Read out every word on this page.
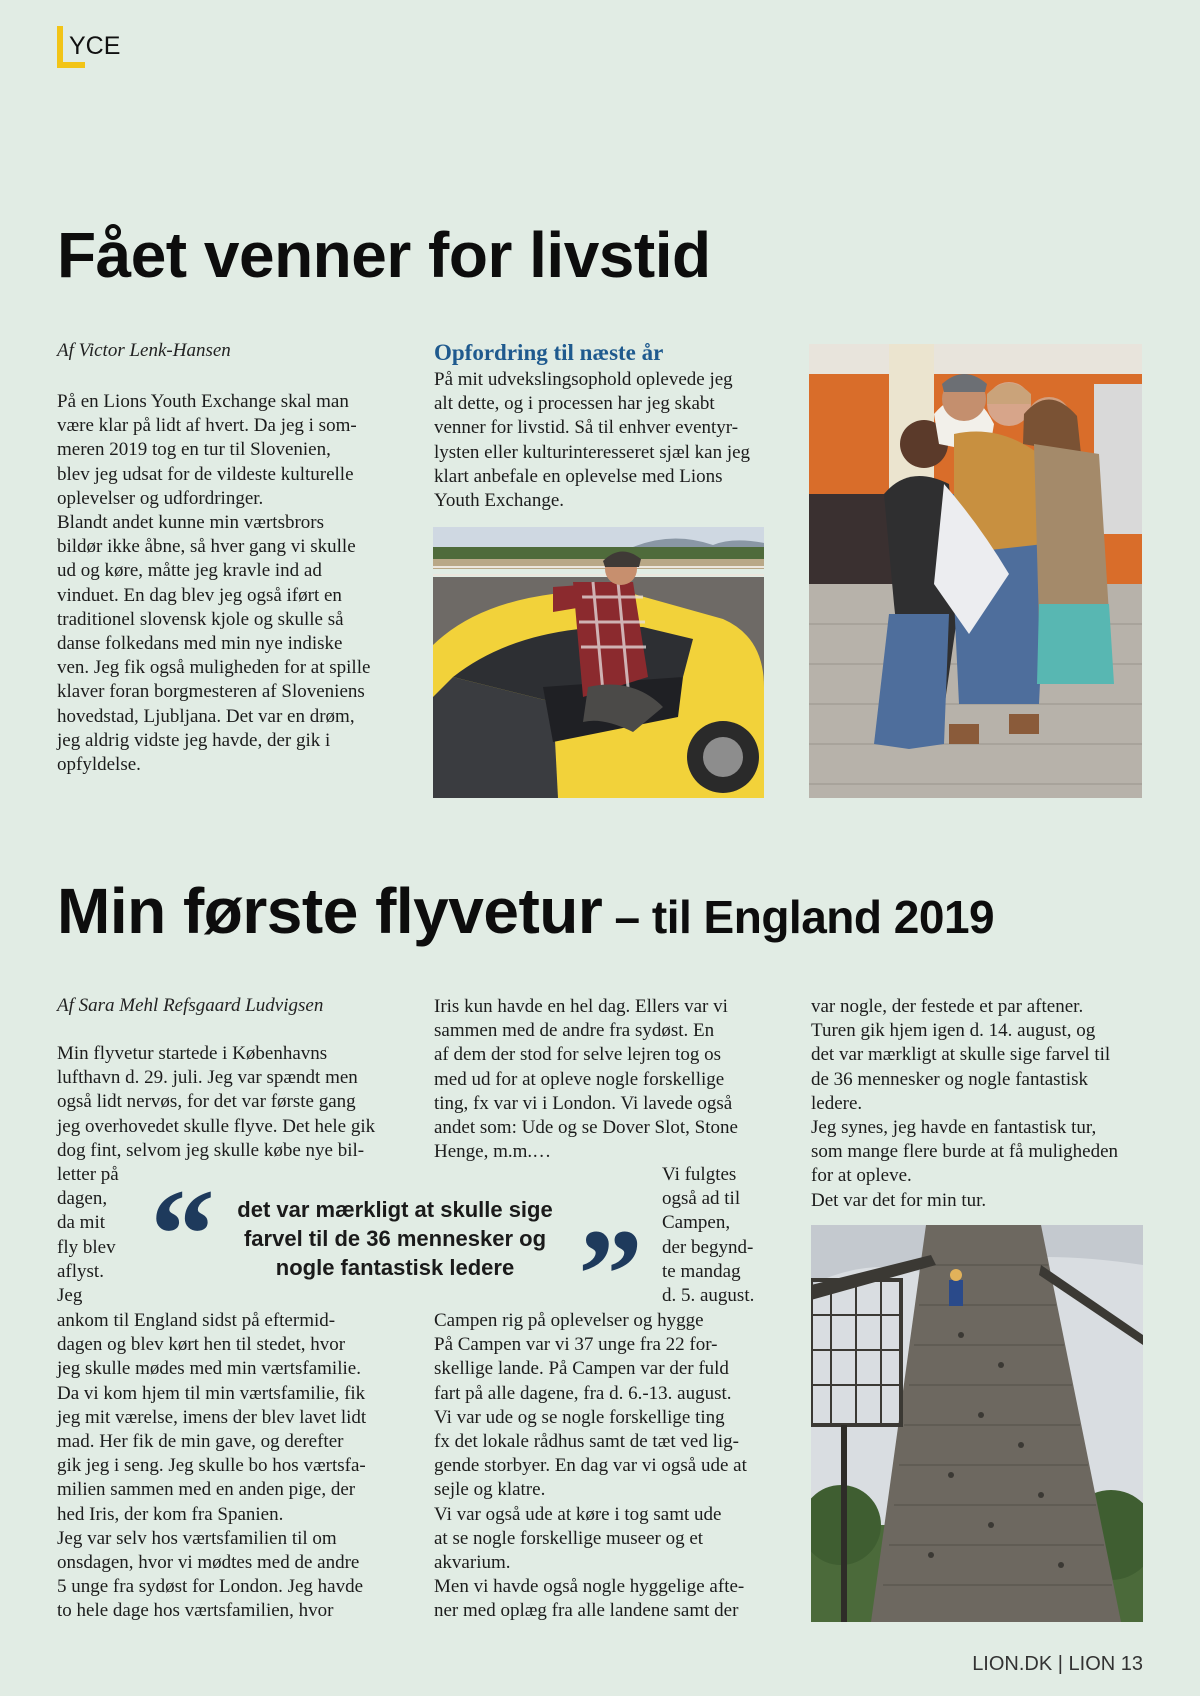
YCE
Fået venner for livstid
Af Victor Lenk-Hansen

På en Lions Youth Exchange skal man

være klar på lidt af hvert. Da jeg i som-

meren 2019 tog en tur til Slovenien,

blev jeg udsat for de vildeste kulturelle

oplevelser og udfordringer.

Blandt andet kunne min værtsbrors

bildør ikke åbne, så hver gang vi skulle

ud og køre, måtte jeg kravle ind ad

vinduet. En dag blev jeg også iført en

traditionel slovensk kjole og skulle så

danse folkedans med min nye indiske

ven. Jeg fik også muligheden for at spille

klaver foran borgmesteren af Sloveniens

hovedstad, Ljubljana. Det var en drøm,

jeg aldrig vidste jeg havde, der gik i

opfyldelse.

Opfordring til næste år

På mit udvekslingsophold oplevede jeg

alt dette, og i processen har jeg skabt

venner for livstid. Så til enhver eventyr-

lysten eller kulturinteresseret sjæl kan jeg

klart anbefale en oplevelse med Lions

Youth Exchange.

Min første flyvetur – til England 2019
Af Sara Mehl Refsgaard Ludvigsen

Min flyvetur startede i Københavns

lufthavn d. 29. juli. Jeg var spændt men

også lidt nervøs, for det var første gang

jeg overhovedet skulle flyve. Det hele gik

dog fint, selvom jeg skulle købe nye bil-

letter på

dagen,

da mit

fly blev

aflyst.

Jeg

ankom til England sidst på eftermid-

dagen og blev kørt hen til stedet, hvor

jeg skulle mødes med min værtsfamilie.

Da vi kom hjem til min værtsfamilie, fik

jeg mit værelse, imens der blev lavet lidt

mad. Her fik de min gave, og derefter

gik jeg i seng. Jeg skulle bo hos værtsfa-

milien sammen med en anden pige, der

hed Iris, der kom fra Spanien.

Jeg var selv hos værtsfamilien til om

onsdagen, hvor vi mødtes med de andre

5 unge fra sydøst for London. Jeg havde

to hele dage hos værtsfamilien, hvor

Iris kun havde en hel dag. Ellers var vi

sammen med de andre fra sydøst. En

af dem der stod for selve lejren tog os

med ud for at opleve nogle forskellige

ting, fx var vi i London. Vi lavede også

andet som: Ude og se Dover Slot, Stone

Henge, m.m.…

Vi fulgtes

også ad til

Campen,

der begynd-

te mandag

d. 5. august.

Campen rig på oplevelser og hygge

På Campen var vi 37 unge fra 22 for-

skellige lande. På Campen var der fuld

fart på alle dagene, fra d. 6.-13. august.

Vi var ude og se nogle forskellige ting

fx det lokale rådhus samt de tæt ved lig-

gende storbyer. En dag var vi også ude at

sejle og klatre.

Vi var også ude at køre i tog samt ude

at se nogle forskellige museer og et

akvarium.

Men vi havde også nogle hyggelige afte-

ner med oplæg fra alle landene samt der

var nogle, der festede et par aftener.

Turen gik hjem igen d. 14. august, og

det var mærkligt at skulle sige farvel til

de 36 mennesker og nogle fantastisk

ledere.

Jeg synes, jeg havde en fantastisk tur,

som mange flere burde at få muligheden

for at opleve.

Det var det for min tur.

“	det var mærkligt at skulle sige farvel til de 36 mennesker og nogle fantastisk ledere ”
LION.DK | LION 13
